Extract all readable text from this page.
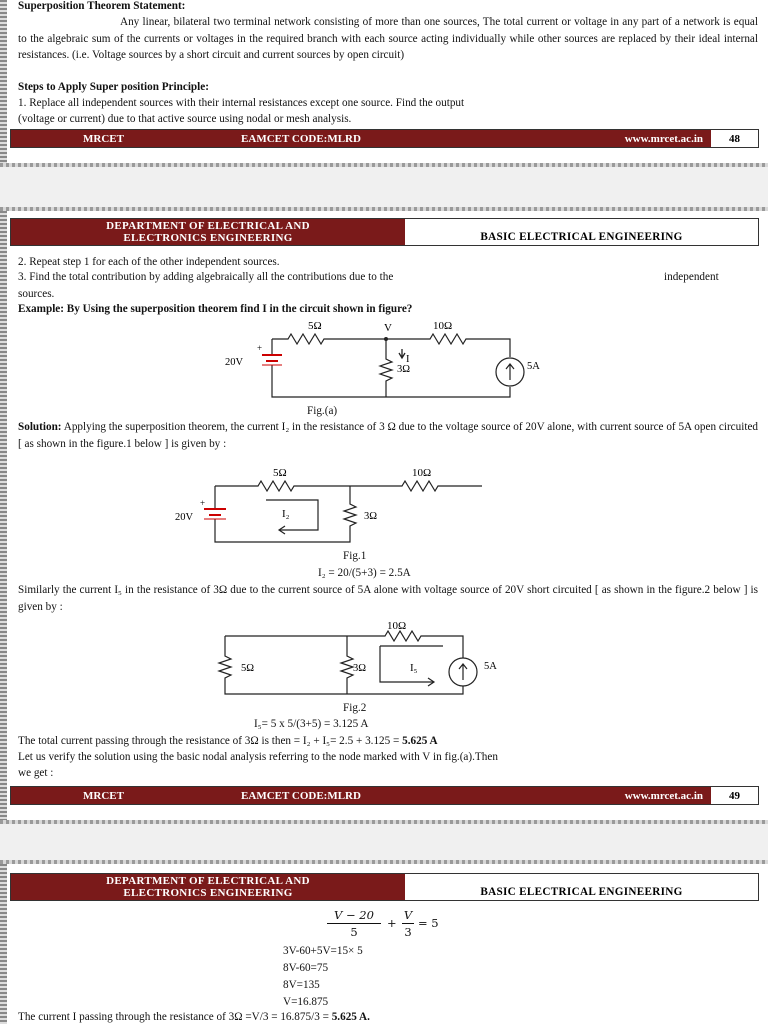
Superposition Theorem Statement:
Any linear, bilateral two terminal network consisting of more than one sources, The total current or voltage in any part of a network is equal to the algebraic sum of the currents or voltages in the required branch with each source acting individually while other sources are replaced by their ideal internal resistances. (i.e. Voltage sources by a short circuit and current sources by open circuit)
Steps to Apply Super position Principle:
1. Replace all independent sources with their internal resistances except one source. Find the output
(voltage or current) due to that active source using nodal or mesh analysis.
MRCET	EAMCET CODE:MLRD	www.mrcet.ac.in	48
DEPARTMENT OF ELECTRICAL AND
ELECTRONICS ENGINEERING	BASIC ELECTRICAL ENGINEERING
2. Repeat step 1 for each of the other independent sources.
3. Find the total contribution by adding algebraically all the contributions due to the	independent
sources.
Example: By Using the superposition theorem find I in the circuit shown in figure?
5Ω	V	10Ω
20V
+
I
3Ω	5A
Fig.(a)
Solution: Applying the superposition theorem, the current I₂ in the resistance of 3 Ω due to the voltage source of 20V alone, with current source of 5A open circuited [ as shown in the figure.1 below ] is given by :
5Ω	10Ω
20V
+
I₂	3Ω
Fig.1
I₂ = 20/(5+3) = 2.5A
Similarly the current I₅ in the resistance of 3Ω due to the current source of 5A alone with voltage source of 20V short circuited [ as shown in the figure.2 below ] is given by :
10Ω
5Ω	3Ω	I₅	5A
Fig.2
I₅= 5 x 5/(3+5) = 3.125 A
The total current passing through the resistance of 3Ω is then = I₂ + I₅= 2.5 + 3.125 = 5.625 A
Let us verify the solution using the basic nodal analysis referring to the node marked with V in fig.(a).Then
we get :
MRCET	EAMCET CODE:MLRD	www.mrcet.ac.in	49
DEPARTMENT OF ELECTRICAL AND
ELECTRONICS ENGINEERING	BASIC ELECTRICAL ENGINEERING
V − 20
5
+
V
3
= 5
3V-60+5V=15× 5
8V-60=75
8V=135
V=16.875
The current I passing through the resistance of 3Ω =V/3 = 16.875/3 = 5.625 A.
